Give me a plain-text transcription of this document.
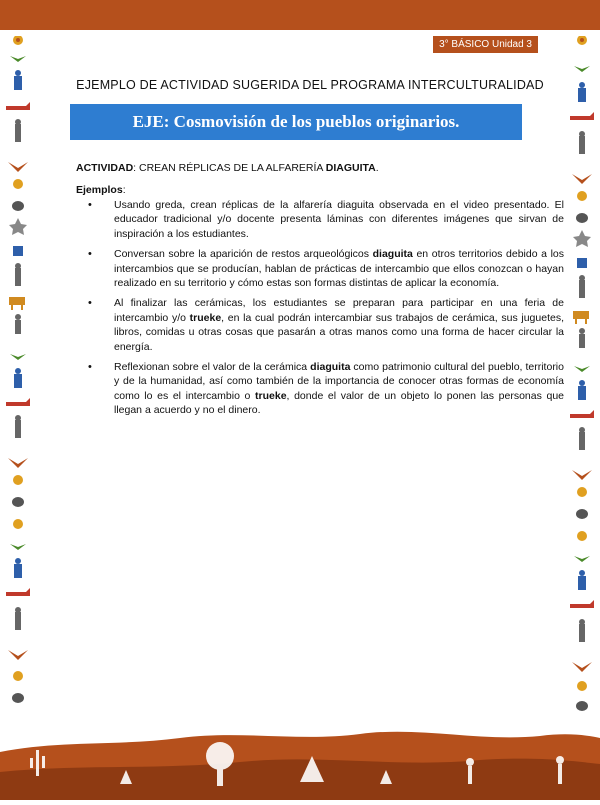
3° BÁSICO Unidad 3
EJEMPLO DE ACTIVIDAD SUGERIDA DEL PROGRAMA INTERCULTURALIDAD
EJE: Cosmovisión de los pueblos originarios.
ACTIVIDAD: CREAN RÉPLICAS DE LA ALFARERÍA DIAGUITA.
Ejemplos:
• Usando greda, crean réplicas de la alfarería diaguita observada en el video presentado. El educador tradicional y/o docente presenta láminas con diferentes imágenes que sirvan de inspiración a los estudiantes.
• Conversan sobre la aparición de restos arqueológicos diaguita en otros territorios debido a los intercambios que se producían, hablan de prácticas de intercambio que ellos conozcan o hayan realizado en su territorio y cómo estas son formas distintas de aplicar la economía.
• Al finalizar las cerámicas, los estudiantes se preparan para participar en una feria de intercambio y/o trueke, en la cual podrán intercambiar sus trabajos de cerámica, sus juguetes, libros, comidas u otras cosas que pasarán a otras manos como una forma de hacer circular la energía.
• Reflexionan sobre el valor de la cerámica diaguita como patrimonio cultural del pueblo, territorio y de la humanidad, así como también de la importancia de conocer otras formas de economía como lo es el intercambio o trueke, donde el valor de un objeto lo ponen las personas que llegan a acuerdo y no el dinero.
